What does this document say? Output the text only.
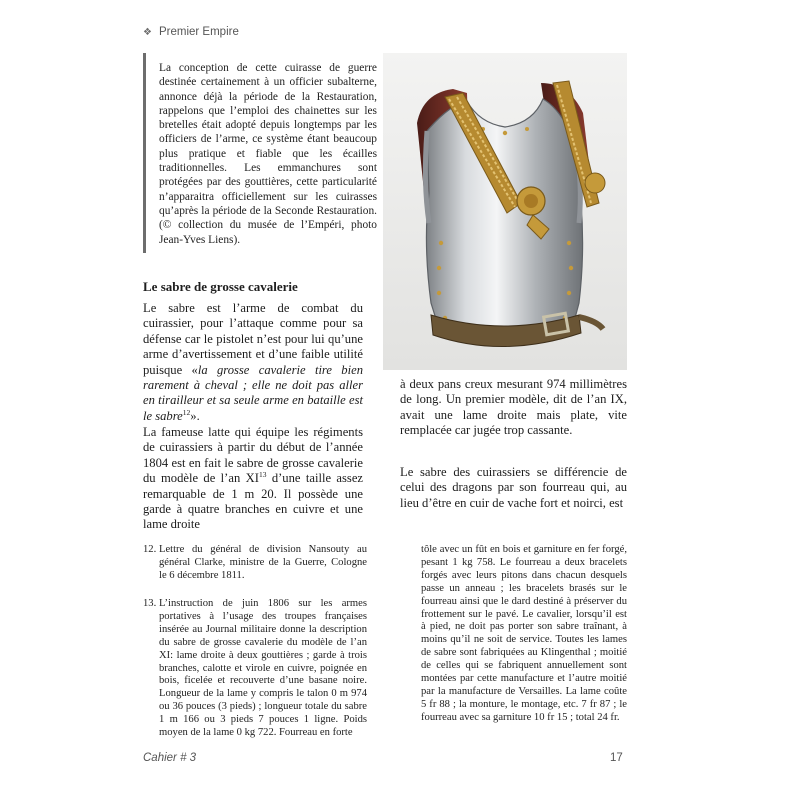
❖ Premier Empire
La conception de cette cuirasse de guerre destinée certainement à un officier subalterne, annonce déjà la période de la Restauration, rappelons que l’emploi des chainettes sur les bretelles était adopté depuis longtemps par les officiers de l’arme, ce système étant beaucoup plus pratique et fiable que les écailles traditionnelles. Les emmanchures sont protégées par des gouttières, cette particularité n’apparaitra officiellement sur les cuirasses qu’après la période de la Seconde Restauration. (© collection du musée de l’Empéri, photo Jean-Yves Liens).
Le sabre de grosse cavalerie

Le sabre est l’arme de combat du cuirassier, pour l’attaque comme pour sa défense car le pistolet n’est pour lui qu’une arme d’avertissement et d’une faible utilité puisque «la grosse cavalerie tire bien rarement à cheval ; elle ne doit pas aller en tirailleur et sa seule arme en bataille est le sabre$^{12}$».

La fameuse latte qui équipe les régiments de cuirassiers à partir du début de l’année 1804 est en fait le sabre de grosse cavalerie du modèle de l’an XI$^{13}$ d’une taille assez remarquable de 1 m 20. Il possède une garde à quatre branches en cuivre et une lame droite

à deux pans creux mesurant 974 millimètres de long. Un premier modèle, dit de l’an IX, avait une lame droite mais plate, vite remplacée car jugée trop cassante.

Le sabre des cuirassiers se différencie de celui des dragons par son fourreau qui, au lieu d’être en cuir de vache fort et noirci, est

12. Lettre du général de division Nansouty au général Clarke, ministre de la Guerre, Cologne le 6 décembre 1811.
13. L’instruction de juin 1806 sur les armes portatives à l’usage des troupes françaises insérée au Journal militaire donne la description du sabre de grosse cavalerie du modèle de l’an XI: lame droite à deux gouttières ; garde à trois branches, calotte et virole en cuivre, poignée en bois, ficelée et recouverte d’une basane noire. Longueur de la lame y compris le talon 0 m 974 ou 36 pouces (3 pieds) ; longueur totale du sabre 1 m 166 ou 3 pieds 7 pouces 1 ligne. Poids moyen de la lame 0 kg 722. Fourreau en forte

tôle avec un fût en bois et garniture en fer forgé, pesant 1 kg 758. Le fourreau a deux bracelets forgés avec leurs pitons dans chacun desquels passe un anneau ; les bracelets brasés sur le fourreau ainsi que le dard destiné à préserver du frottement sur le pavé. Le cavalier, lorsqu’il est à pied, ne doit pas porter son sabre traînant, à moins qu’il ne soit de service. Toutes les lames de sabre sont fabriquées au Klingenthal ; moitié de celles qui se fabriquent annuellement sont montées par cette manufacture et l’autre moitié par la manufacture de Versailles. La lame coûte 5 fr 88 ; la monture, le montage, etc. 7 fr 87 ; le fourreau avec sa garniture 10 fr 15 ; total 24 fr.

Cahier # 3	17
